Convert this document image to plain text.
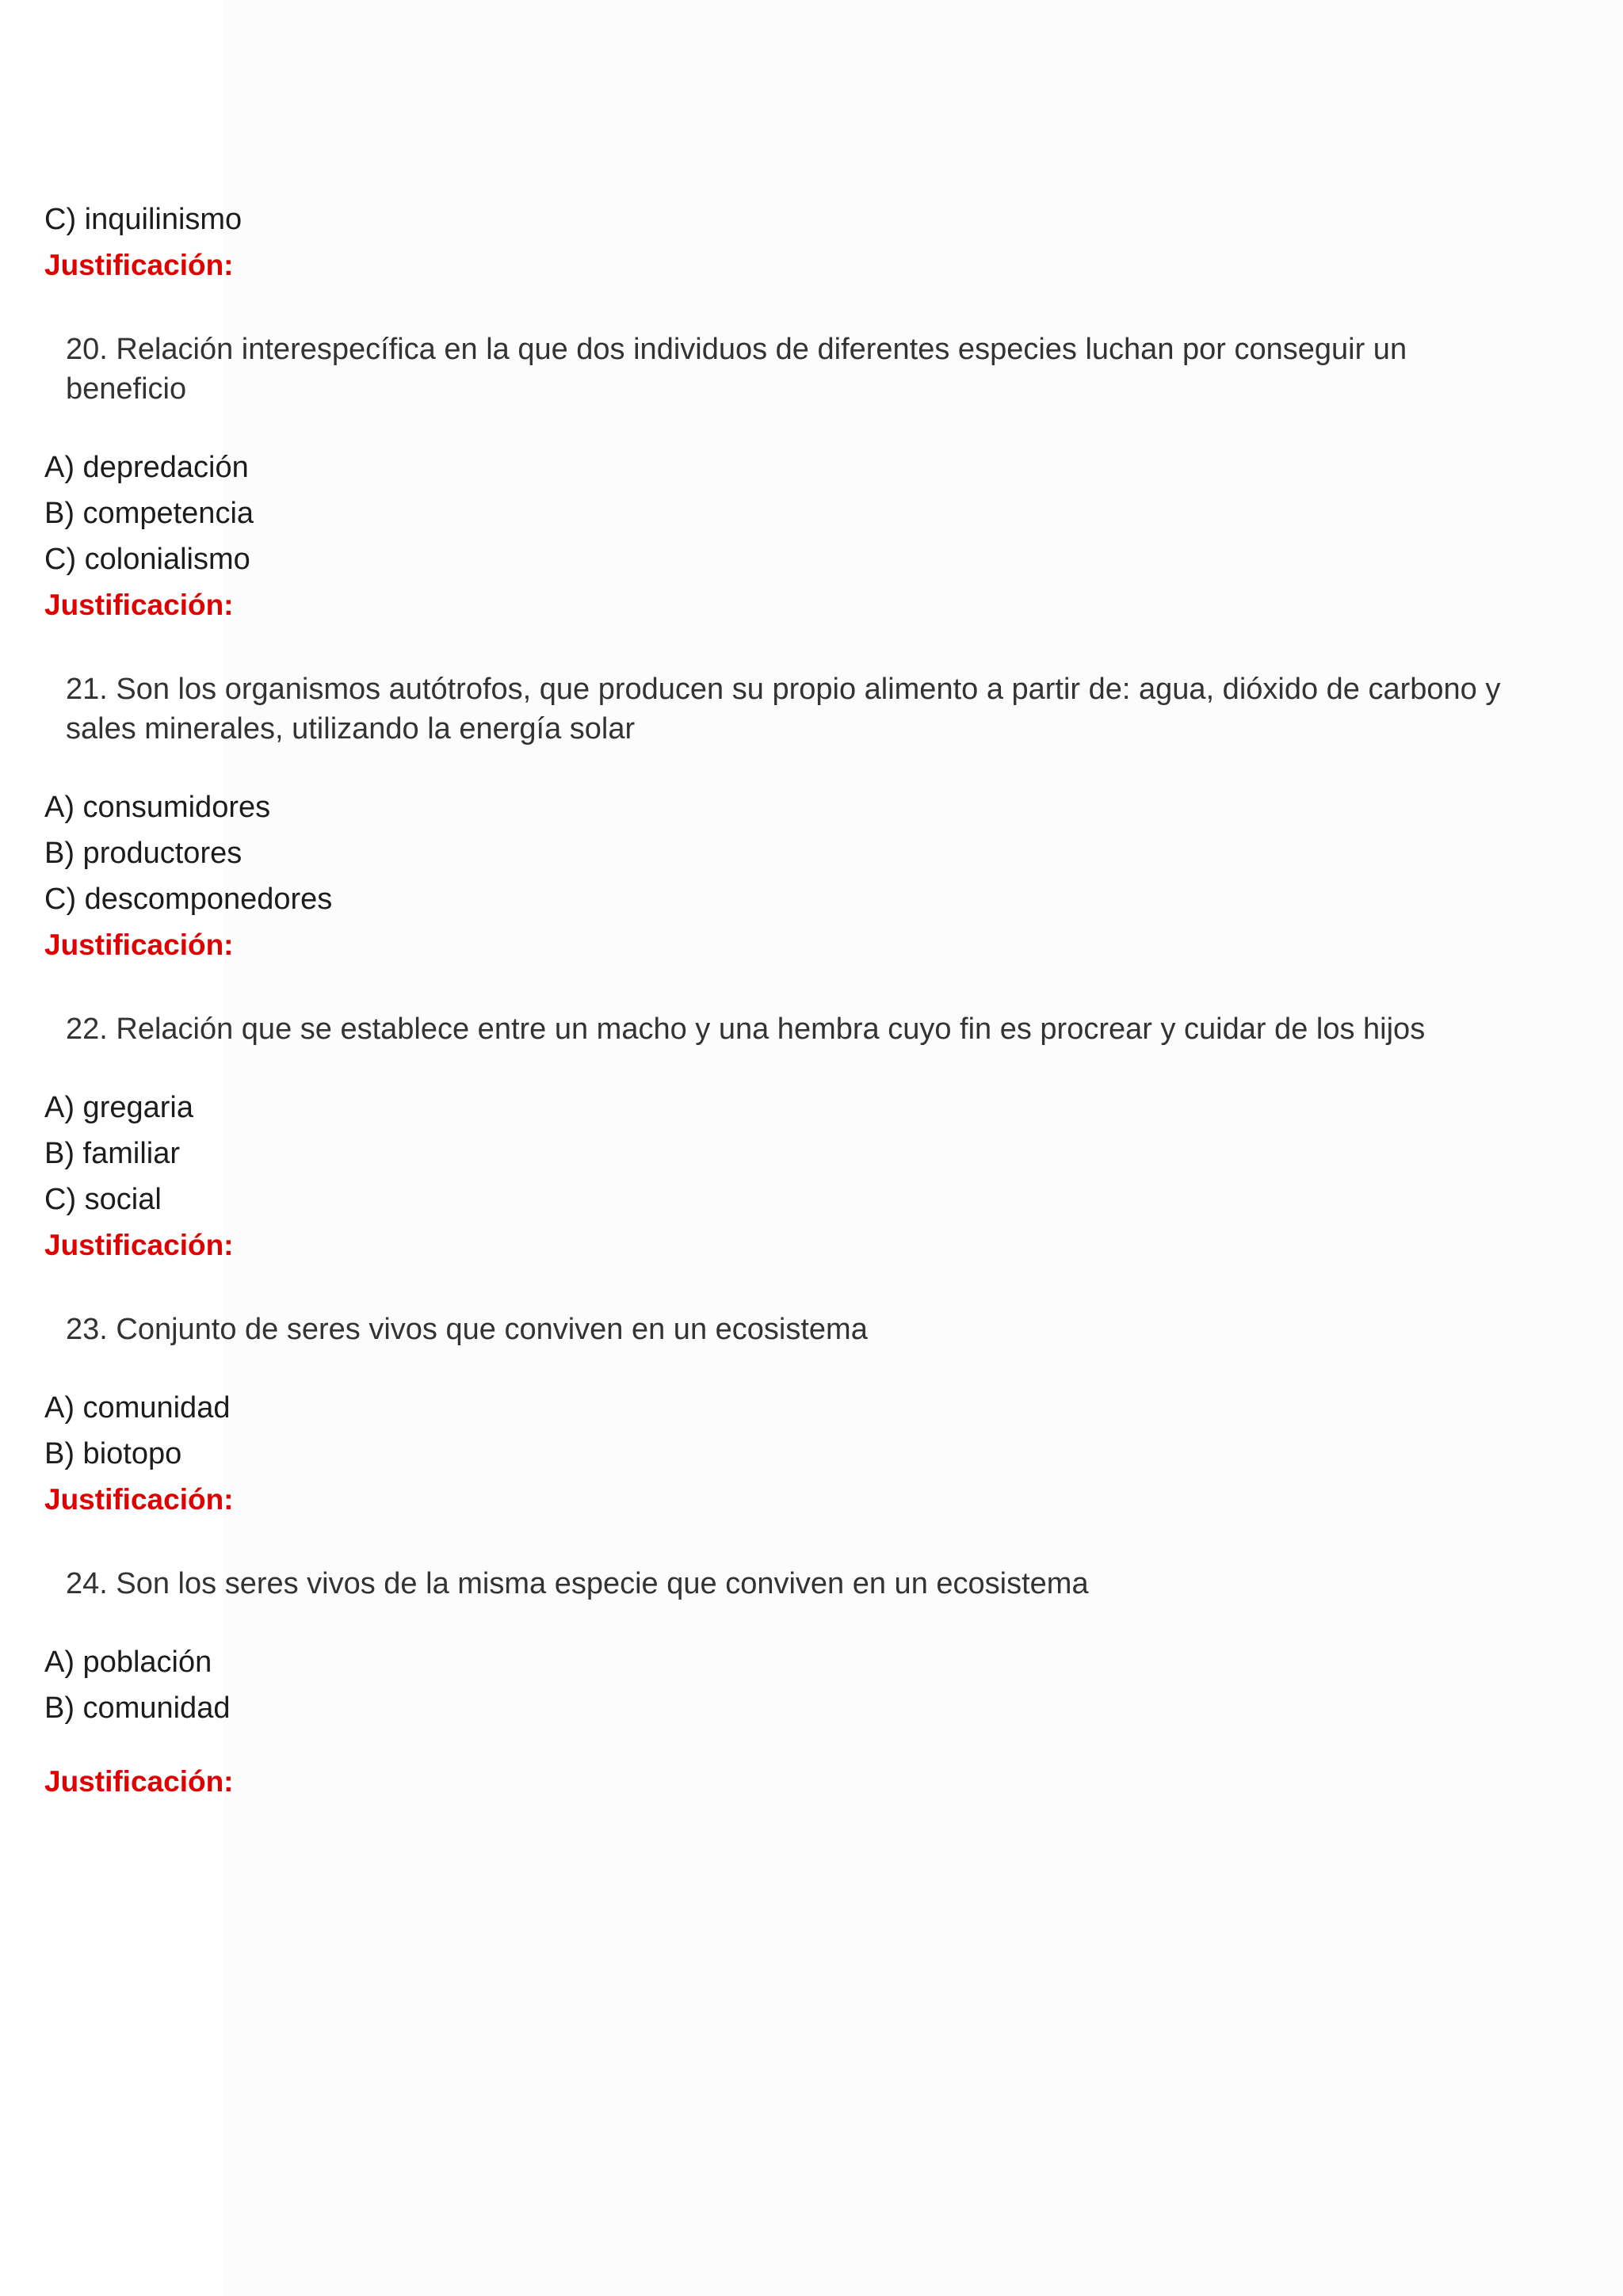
C) inquilinismo
Justificación:
20. Relación interespecífica en la que dos individuos de diferentes especies luchan por conseguir un
beneficio
A) depredación
B) competencia
C) colonialismo
Justificación:
21. Son los organismos autótrofos, que producen su propio alimento a partir de: agua, dióxido de carbono y
sales minerales, utilizando la energía solar
A) consumidores
B) productores
C) descomponedores
Justificación:
22. Relación que se establece entre un macho y una hembra cuyo fin es procrear y cuidar de los hijos
A) gregaria
B) familiar
C) social
Justificación:
23. Conjunto de seres vivos que conviven en un ecosistema
A) comunidad
B) biotopo
Justificación:
24. Son los seres vivos de la misma especie que conviven en un ecosistema
A) población
B) comunidad
Justificación:
